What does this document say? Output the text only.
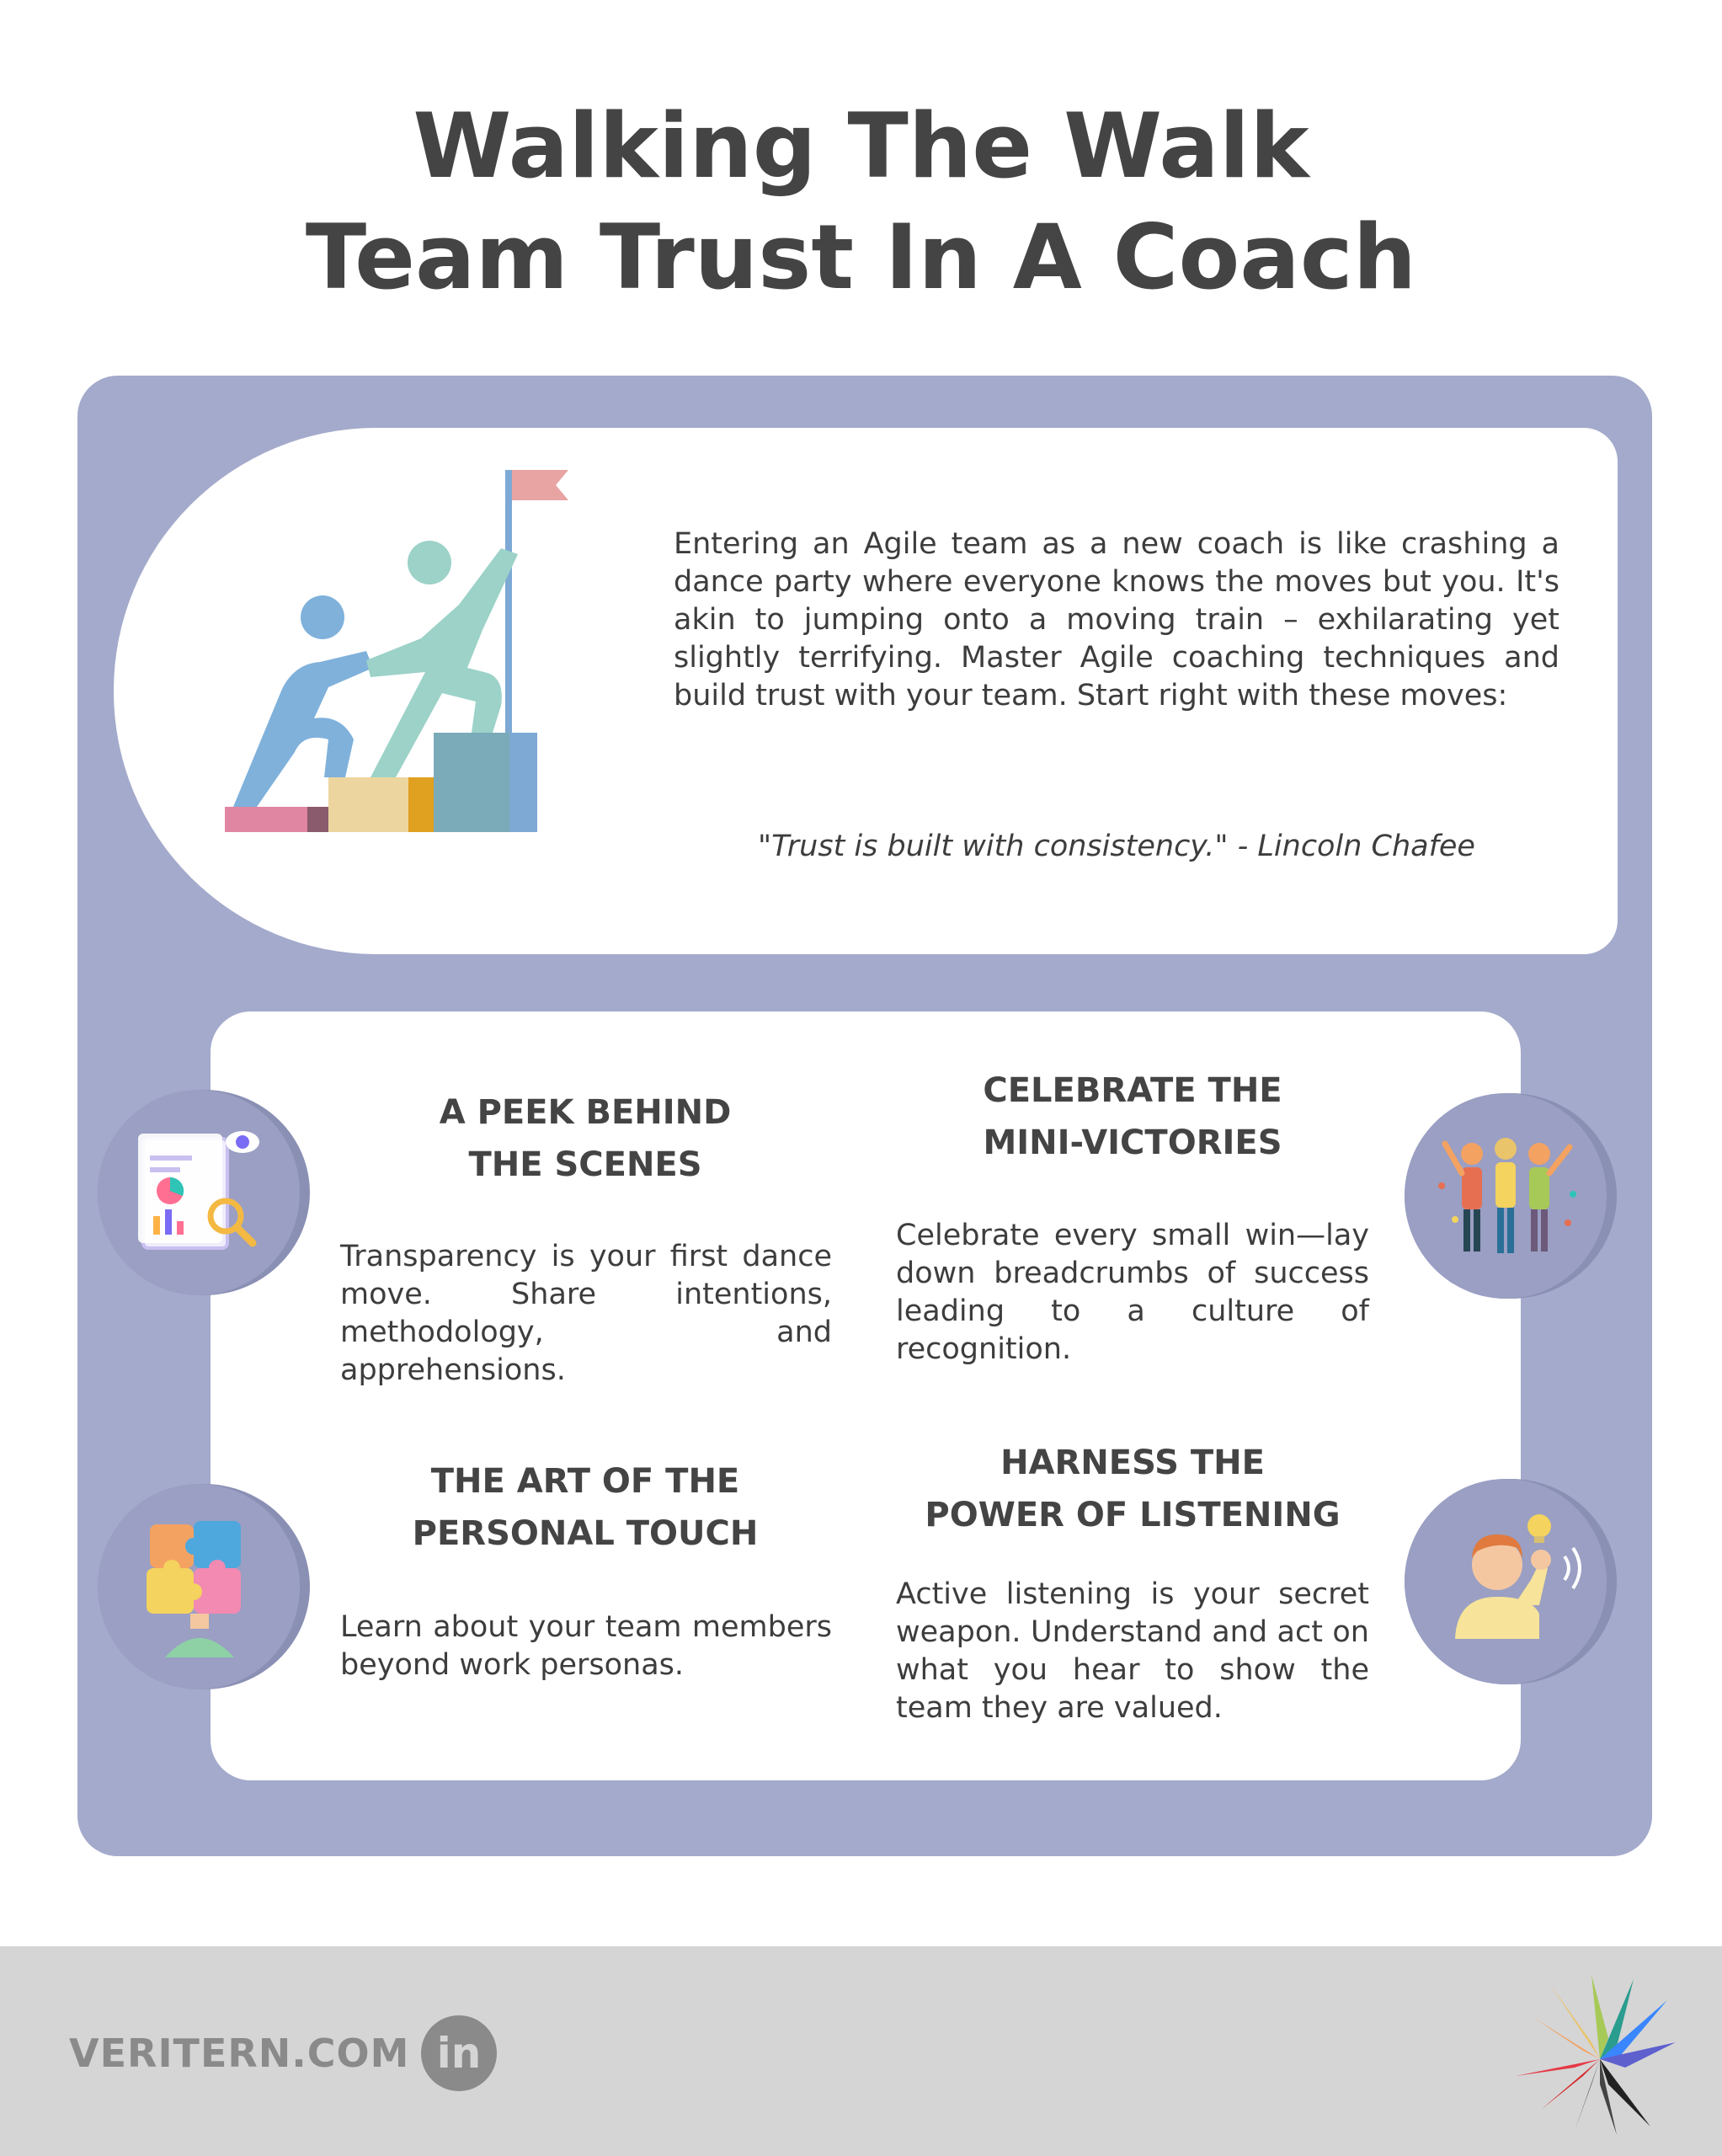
Walking The Walk
Team Trust In A Coach

Entering an Agile team as a new coach is like crashing a dance party where everyone knows the moves but you. It's akin to jumping onto a moving train – exhilarating yet slightly terrifying. Master Agile coaching techniques and build trust with your team. Start right with these moves:

"Trust is built with consistency." - Lincoln Chafee

A PEEK BEHIND
THE SCENES

Transparency is your first dance move. Share intentions, methodology, and apprehensions.

CELEBRATE THE
MINI-VICTORIES

Celebrate every small win—lay down breadcrumbs of success leading to a culture of recognition.

THE ART OF THE
PERSONAL TOUCH

Learn about your team members beyond work personas.

HARNESS THE
POWER OF LISTENING

Active listening is your secret weapon. Understand and act on what you hear to show the team they are valued.

VERITERN.COM in
